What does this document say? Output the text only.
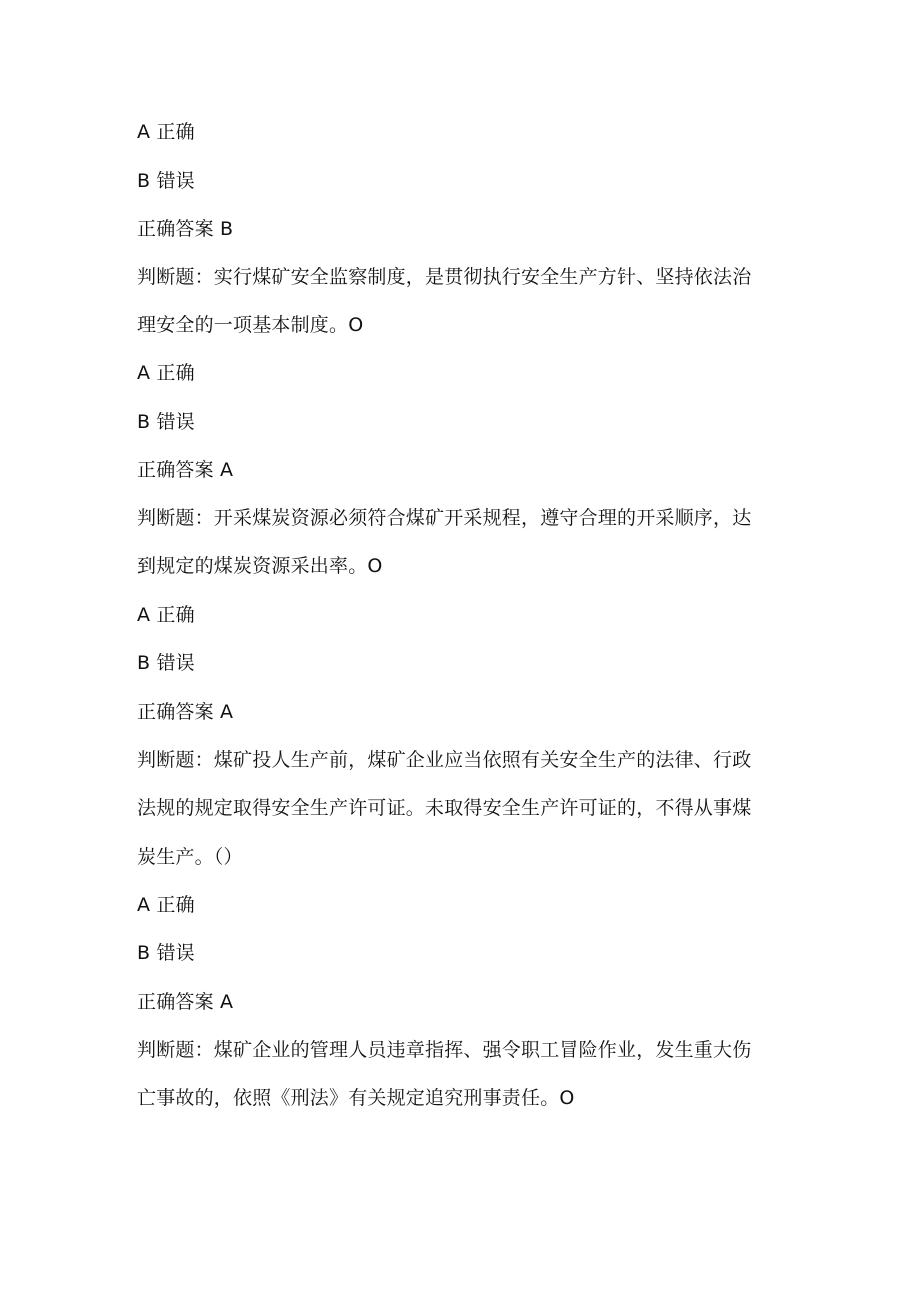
A 正确
B 错误
正确答案 B
判断题：实行煤矿安全监察制度，是贯彻执行安全生产方针、坚持依法治
理安全的一项基本制度。O
A 正确
B 错误
正确答案 A
判断题：开采煤炭资源必须符合煤矿开采规程，遵守合理的开采顺序，达
到规定的煤炭资源采出率。O
A 正确
B 错误
正确答案 A
判断题：煤矿投人生产前，煤矿企业应当依照有关安全生产的法律、行政
法规的规定取得安全生产许可证。未取得安全生产许可证的，不得从事煤
炭生产。（）
A 正确
B 错误
正确答案 A
判断题：煤矿企业的管理人员违章指挥、强令职工冒险作业，发生重大伤
亡事故的，依照《刑法》有关规定追究刑事责任。O
